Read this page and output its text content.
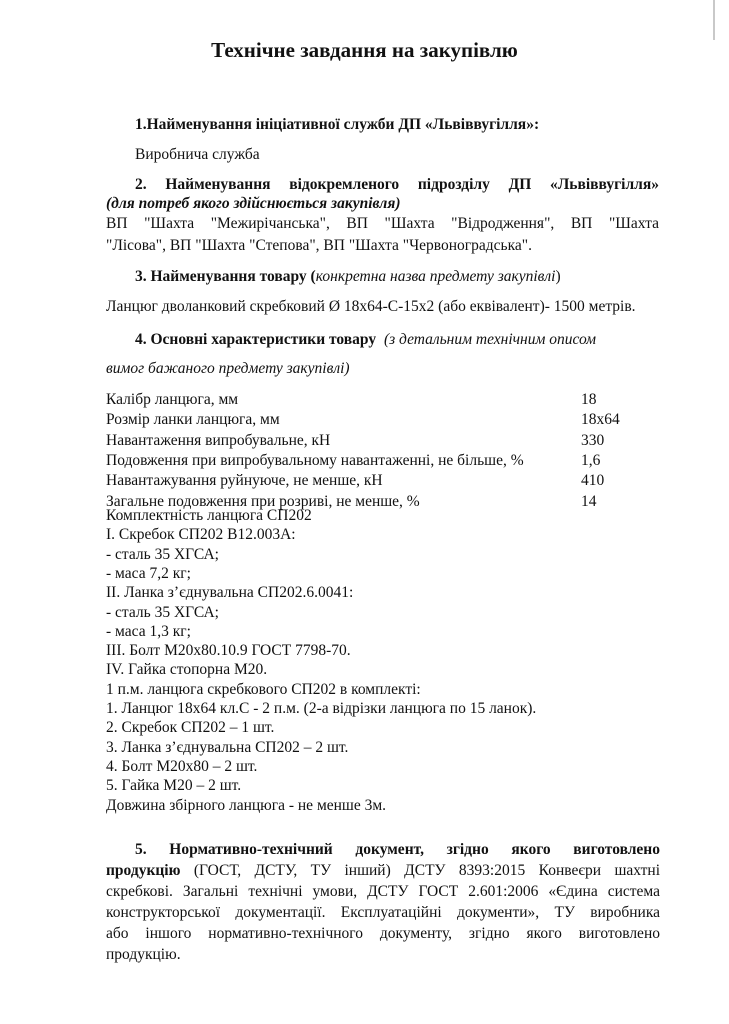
Технічне завдання на закупівлю
1.Найменування ініціативної служби ДП «Львіввугілля»:
Виробнича служба
2. Найменування відокремленого підрозділу ДП «Львіввугілля»
(для потреб якого здійснюється закупівля)
ВП "Шахта "Межирічанська", ВП "Шахта "Відродження", ВП "Шахта
"Лісова", ВП "Шахта "Степова", ВП "Шахта "Червоноградська".
3. Найменування товару (конкретна назва предмету закупівлі)
Ланцюг дволанковий скребковий Ø 18х64-С-15х2 (або еквівалент)- 1500 метрів.
4. Основні характеристики товару (з детальним технічним описом
вимог бажаного предмету закупівлі)
Калібр ланцюга, мм	18
Розмір ланки ланцюга, мм	18х64
Навантаження випробувальне, кН	330
Подовження при випробувальному навантаженні, не більше, %	1,6
Навантажування руйнуюче, не менше, кН	410
Загальне подовження при розриві, не менше, %	14
Комплектність ланцюга СП202
I. Скребок СП202 В12.003А:
- сталь 35 ХГСА;
- маса 7,2 кг;
II. Ланка з’єднувальна СП202.6.0041:
- сталь 35 ХГСА;
- маса 1,3 кг;
III. Болт М20х80.10.9 ГОСТ 7798-70.
IV. Гайка стопорна М20.
1 п.м. ланцюга скребкового СП202 в комплекті:
1. Ланцюг 18х64 кл.С - 2 п.м. (2-а відрізки ланцюга по 15 ланок).
2. Скребок СП202 – 1 шт.
3. Ланка з’єднувальна СП202 – 2 шт.
4. Болт М20х80 – 2 шт.
5. Гайка М20 – 2 шт.
Довжина збірного ланцюга - не менше 3м.
5. Нормативно-технічний документ, згідно якого виготовлено
продукцію (ГОСТ, ДСТУ, ТУ інший) ДСТУ 8393:2015 Конвеєри шахтні
скребкові. Загальні технічні умови, ДСТУ ГОСТ 2.601:2006 «Єдина система
конструкторської документації. Експлуатаційні документи», ТУ виробника
або іншого нормативно-технічного документу, згідно якого виготовлено
продукцію.
